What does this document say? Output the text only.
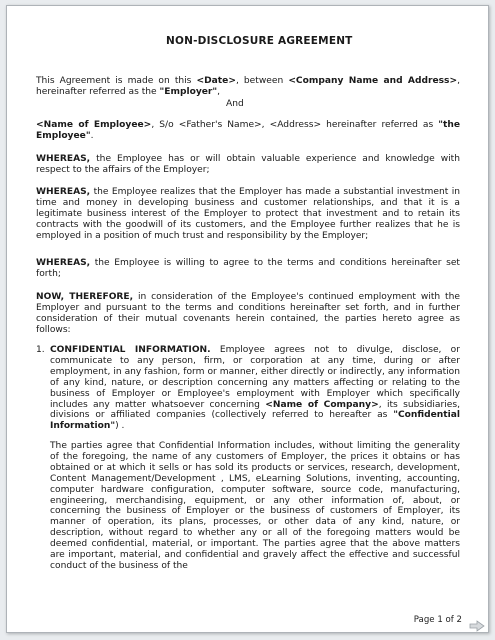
NON-DISCLOSURE AGREEMENT

This Agreement is made on this <Date>, between <Company Name and Address>, hereinafter referred as the "Employer",

And

<Name of Employee>, S/o <Father's Name>, <Address> hereinafter referred as "the Employee".

WHEREAS, the Employee has or will obtain valuable experience and knowledge with respect to the affairs of the Employer;

WHEREAS, the Employee realizes that the Employer has made a substantial investment in time and money in developing business and customer relationships, and that it is a legitimate business interest of the Employer to protect that investment and to retain its contracts with the goodwill of its customers, and the Employee further realizes that he is employed in a position of much trust and responsibility by the Employer;

WHEREAS, the Employee is willing to agree to the terms and conditions hereinafter set forth;

NOW, THEREFORE, in consideration of the Employee's continued employment with the Employer and pursuant to the terms and conditions hereinafter set forth, and in further consideration of their mutual covenants herein contained, the parties hereto agree as follows:

1. CONFIDENTIAL INFORMATION. Employee agrees not to divulge, disclose, or communicate to any person, firm, or corporation at any time, during or after employment, in any fashion, form or manner, either directly or indirectly, any information of any kind, nature, or description concerning any matters affecting or relating to the business of Employer or Employee's employment with Employer which specifically includes any matter whatsoever concerning <Name of Company>, its subsidiaries, divisions or affiliated companies (collectively referred to hereafter as "Confidential Information") .

The parties agree that Confidential Information includes, without limiting the generality of the foregoing, the name of any customers of Employer, the prices it obtains or has obtained or at which it sells or has sold its products or services, research, development, Content Management/Development , LMS, eLearning Solutions, inventing, accounting, computer hardware configuration, computer software, source code, manufacturing, engineering, merchandising, equipment, or any other information of, about, or concerning the business of Employer or the business of customers of Employer, its manner of operation, its plans, processes, or other data of any kind, nature, or description, without regard to whether any or all of the foregoing matters would be deemed confidential, material, or important. The parties agree that the above matters are important, material, and confidential and gravely affect the effective and successful conduct of the business of the

Page 1 of 2
